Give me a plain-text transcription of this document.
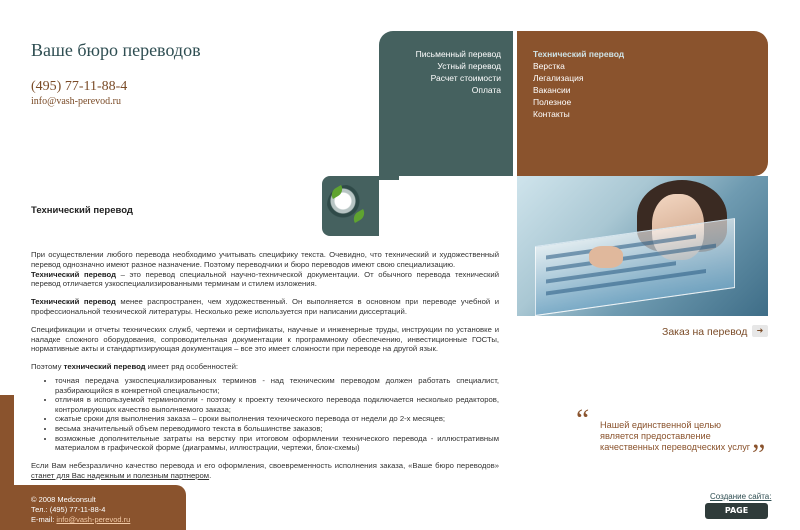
Ваше бюро переводов
(495) 77-11-88-4
info@vash-perevod.ru
Письменный перевод
Устный перевод
Расчет стоимости
Оплата
Технический перевод
Верстка
Легализация
Вакансии
Полезное
Контакты
Заказ на перевод	➜
Технический перевод

При осуществлении любого перевода необходимо учитывать специфику текста. Очевидно, что технический и художественный перевод однозначно имеют разное назначение. Поэтому переводчики и бюро переводов имеют свою специализацию.

Технический перевод – это перевод специальной научно-технической документации. От обычного перевода технический перевод отличается узкоспециализированными терминам и стилем изложения.

Технический перевод менее распространен, чем художественный. Он выполняется в основном при переводе учебной и профессиональной технической литературы. Несколько реже используется при написании диссертаций.

Спецификации и отчеты технических служб, чертежи и сертификаты, научные и инженерные труды, инструкции по установке и наладке сложного оборудования, сопроводительная документации к программному обеспечению, инвестиционные ГОСТы, нормативные акты и стандартизирующая документация – все это имеет сложности при переводе на другой язык.

Поэтому технический перевод имеет ряд особенностей:

• точная передача узкоспециализированных терминов - над техническим переводом должен работать специалист, разбирающийся в конкретной специальности;
• отличия в используемой терминологии - поэтому к проекту технического перевода подключается несколько редакторов, контролирующих качество выполняемого заказа;
• сжатые сроки для выполнения заказа – сроки выполнения технического перевода от недели до 2-х месяцев;
• весьма значительный объем переводимого текста в большинстве заказов;
• возможные дополнительные затраты на верстку при итоговом оформлении технического перевода - иллюстративным материалом в графической форме (диаграммы, иллюстрации, чертежи, блок-схемы)

Если Вам небезразлично качество перевода и его оформления, своевременность исполнения заказа, «Ваше бюро переводов» станет для Вас надежным и полезным партнером.

“ Нашей единственной целью является предоставление качественных переводческих услуг ”
© 2008 Medconsult
Тел.: (495) 77-11-88-4
E-mail: info@vash-perevod.ru
Создание сайта:
PAGE MASTER
